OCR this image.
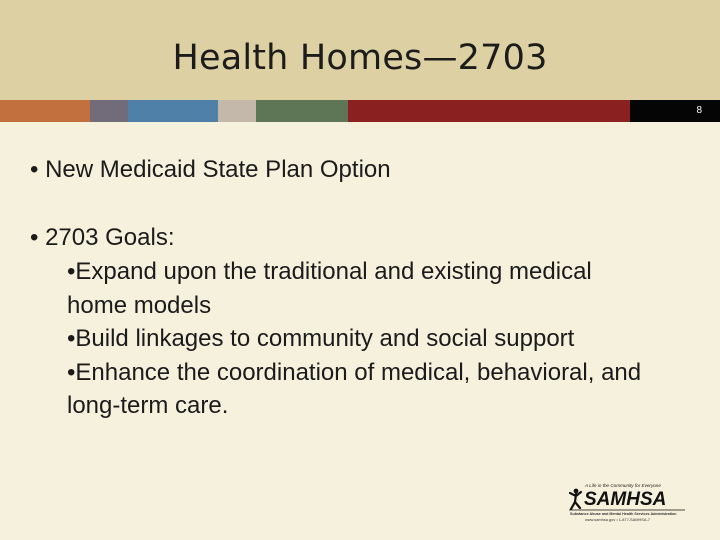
Health Homes—2703
8

• New Medicaid State Plan Option

• 2703 Goals:

•Expand upon the traditional and existing medical home models

•Build linkages to community and social support

•Enhance the coordination of medical, behavioral, and long-term care.

A Life in the Community for Everyone
SAMHSA
Substance Abuse and Mental Health Services Administration
www.samhsa.gov • 1-877-SAMHSA-7
